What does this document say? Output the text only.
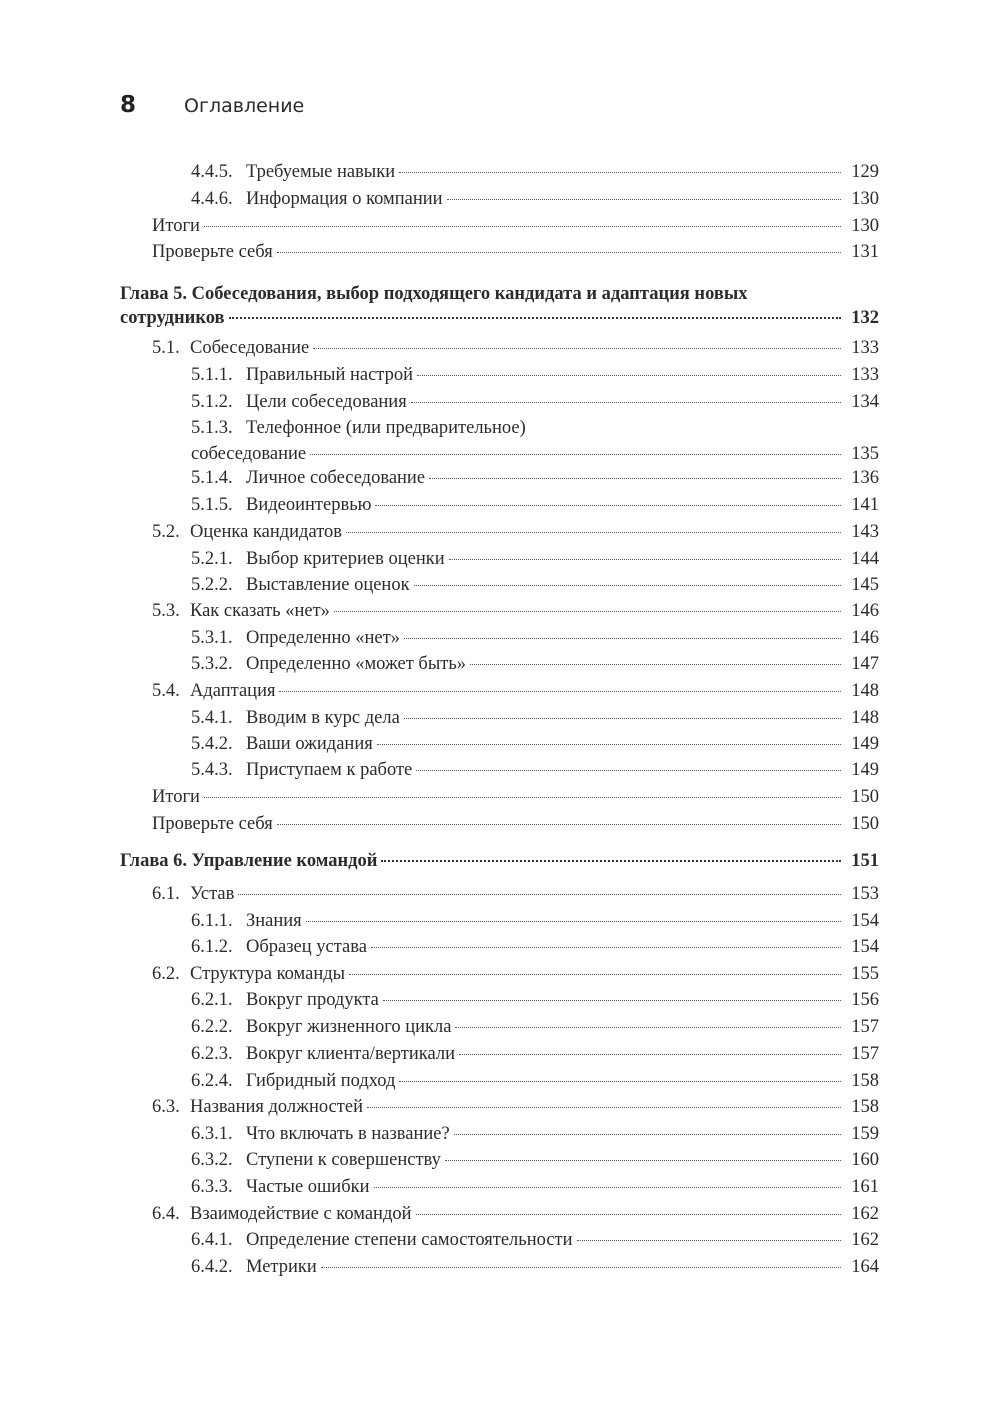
8	Оглавление
4.4.5. Требуемые навыки	129
4.4.6. Информация о компании	130
Итоги	130
Проверьте себя	131
Глава 5. Собеседования, выбор подходящего кандидата и адаптация новых
сотрудников	132
5.1. Собеседование	133
5.1.1. Правильный настрой	133
5.1.2. Цели собеседования	134
5.1.3. Телефонное (или предварительное)
собеседование	135
5.1.4. Личное собеседование	136
5.1.5. Видеоинтервью	141
5.2. Оценка кандидатов	143
5.2.1. Выбор критериев оценки	144
5.2.2. Выставление оценок	145
5.3. Как сказать «нет»	146
5.3.1. Определенно «нет»	146
5.3.2. Определенно «может быть»	147
5.4. Адаптация	148
5.4.1. Вводим в курс дела	148
5.4.2. Ваши ожидания	149
5.4.3. Приступаем к работе	149
Итоги	150
Проверьте себя	150
Глава 6. Управление командой	151
6.1. Устав	153
6.1.1. Знания	154
6.1.2. Образец устава	154
6.2. Структура команды	155
6.2.1. Вокруг продукта	156
6.2.2. Вокруг жизненного цикла	157
6.2.3. Вокруг клиента/вертикали	157
6.2.4. Гибридный подход	158
6.3. Названия должностей	158
6.3.1. Что включать в название?	159
6.3.2. Ступени к совершенству	160
6.3.3. Частые ошибки	161
6.4. Взаимодействие с командой	162
6.4.1. Определение степени самостоятельности	162
6.4.2. Метрики	164
